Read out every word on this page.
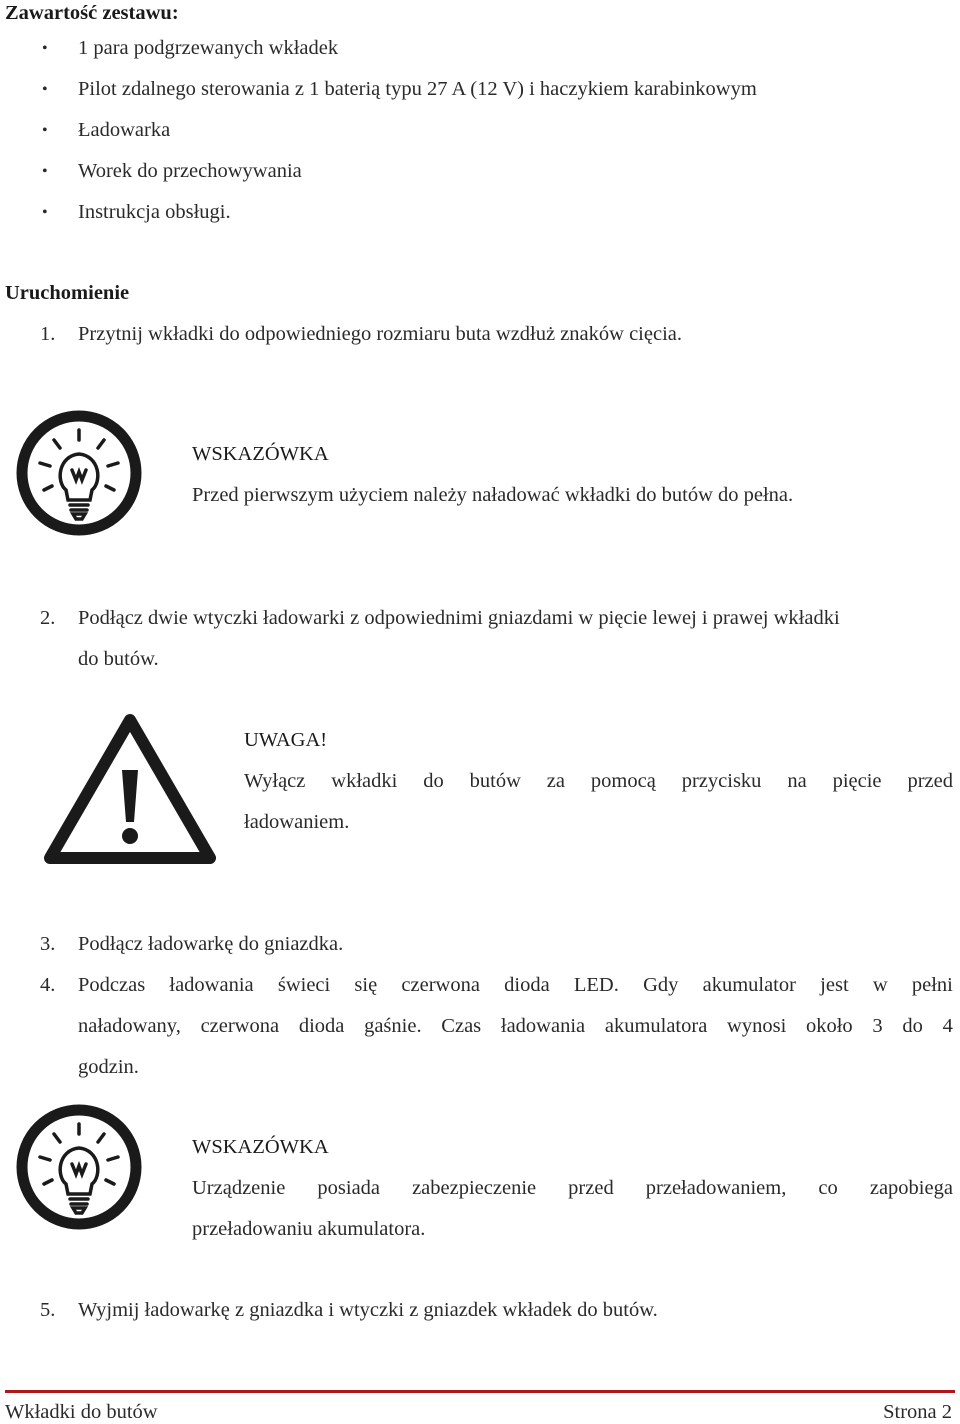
Zawartość zestawu:
• 1 para podgrzewanych wkładek
• Pilot zdalnego sterowania z 1 baterią typu 27 A (12 V) i haczykiem karabinkowym
• Ładowarka
• Worek do przechowywania
• Instrukcja obsługi.
Uruchomienie
1. Przytnij wkładki do odpowiedniego rozmiaru buta wzdłuż znaków cięcia.
WSKAZÓWKA
Przed pierwszym użyciem należy naładować wkładki do butów do pełna.
2. Podłącz dwie wtyczki ładowarki z odpowiednimi gniazdami w pięcie lewej i prawej wkładki
do butów.
UWAGA!
Wyłącz wkładki do butów za pomocą przycisku na pięcie przed
ładowaniem.
3. Podłącz ładowarkę do gniazdka.
4. Podczas ładowania świeci się czerwona dioda LED. Gdy akumulator jest w pełni
naładowany, czerwona dioda gaśnie. Czas ładowania akumulatora wynosi około 3 do 4
godzin.
WSKAZÓWKA
Urządzenie posiada zabezpieczenie przed przeładowaniem, co zapobiega
przeładowaniu akumulatora.
5. Wyjmij ładowarkę z gniazdka i wtyczki z gniazdek wkładek do butów.
Wkładki do butów	Strona 2
